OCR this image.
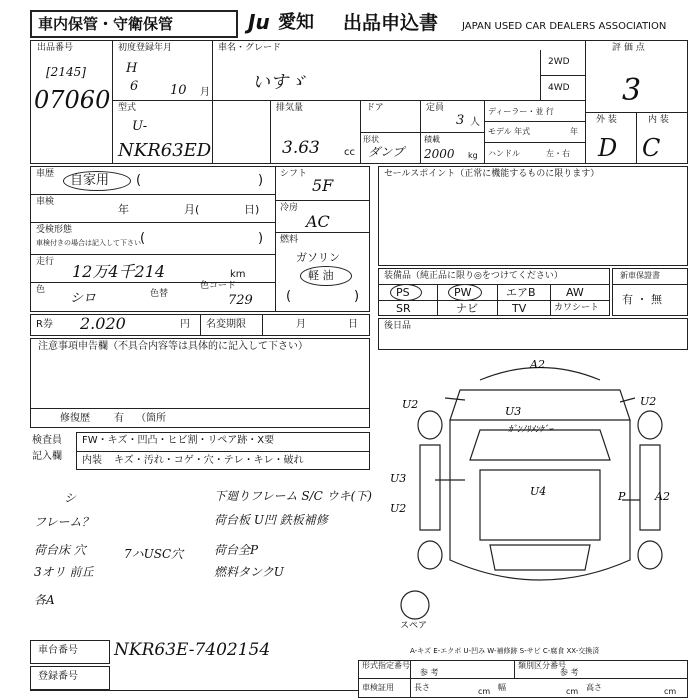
車内保管・守衛保管	Ju 愛知 出品申込書 JAPAN USED CAR DEALERS ASSOCIATION
出品番号
[2145]
07060
初度登録年月
H
6 10 月
車名・グレード
いすゞ
2WD
4WD
評 価 点
3
型式
U-
NKR63ED
排気量
3.63 cc
ドア	定員
3 人
ディーラー・並 行
モデル 年式	年
ハンドル	左・右
形状
ダンプ
積載
2000 kg
外 装	内 装
D C
車歴 自家用 (	)
車検
年	月(	日)
受検形態
車検付きの場合は記入して下さい (	)
走行 12万4千214	km
色
シロ	色替
色コード
729
シフト
5F
冷房
AC
燃料
ガソリン
軽 油
(	)
セールスポイント（正常に機能するものに限ります）
装備品（純正品に限り◎をつけてください）
PS	PW	エアB	AW
SR	ナビ	TV	カワシート
新車保證書
有 ・ 無
R券 2.020	円 名変期限	月	日	後日品
注意事項申告欄（不具合内容等は具体的に記入して下さい）
修復歴 有 （箇所
検査員
記入欄
FW・キズ・凹凸・ヒビ割・リペア跡・X要
内装 キズ・汚れ・コゲ・穴・テレ・キレ・破れ
シ
フレーム？
荷台床 穴	7ハUSC穴
3オリ 前丘
各A
下廻りフレーム S/C ウキ(下)
荷台板 U凹 鉄板補修
荷台全P
燃料タンクU
A2
U2	U2
U3
ｶﾞﾝﾉﾘﾒﾝｹﾞｰ
U3
U2
U4	P	A2
スペア
A-キズ E-エクボ U-凹み W-補修跡 S-サビ C-腐食 XX-交換済
車台番号 NKR63E-7402154
登録番号
形式指定番号	類別区分番号
参 考	参 考
車検証用	長さ	cm 幅	cm 高さ	cm
